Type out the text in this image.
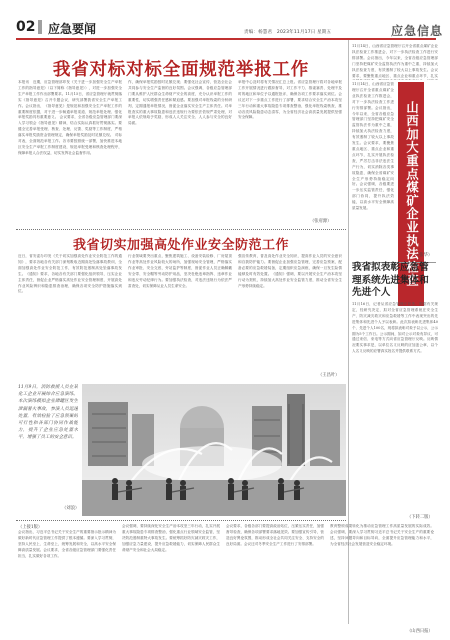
02 应急要闻	责编：杨慧君　2023年11月17日 星期五	应急信息
我省对标对标全面规范举报工作
本报讯　近期，应急管理部印发《关于进一步加强安全生产举报工作的指导意见》（以下简称《指导意见》），对进一步加强安全生产举报工作作出部署要求。11月15日，省应急管理厅就贯彻落实《指导意见》召开专题会议，研究部署我省安全生产举报工作。会议指出，《指导意见》是规范和加强安全生产举报工作的重要制度依据，对于进一步畅通举报渠道、规范举报处理、强化举报奖励具有重要意义。 会议要求，全省各级应急管理部门要深入学习领会《指导意见》精神，结合实际认真抓好贯彻落实。要健全完善举报受理、核查、处理、反馈、奖励等工作制度，严格落实举报奖励资金管理规定，确保举报奖励及时足额兑现。 对标对表，全面规范举报工作。各市要按照统一部署，加快推进本地区安全生产举报工作制度建设，规范举报受理和核查处理程序，保障举报人合法权益，切实发挥社会监督作用。
作，确保举报奖励按时足额兑现；要强化社会宣传，营造全社会共同参与安全生产监督的良好氛围。会议强调，各级应急管理部门要从维护人民群众生命财产安全的高度，充分认识举报工作的重要性，切实增强责任感和紧迫感。要加强对举报线索的分析研判，定期通报举报情况，督促企业落实安全生产主体责任。对举报查实的重大事故隐患和违法违规行为要依法依规严肃处理，对举报人依规给予奖励，形成人人关注安全、人人参与安全的良好局面。
举报中心及时将有关情况汇总上报。省应急管理厅将对各地举报工作开展情况进行跟踪督导，对工作不力、推诿塞责、处理不及时的地区和单位予以通报批评，确保各项工作要求落实到位。会议还对下一步重点工作进行了部署，要求结合安全生产治本攻坚三年行动和重大事故隐患专项排查整治，强化举报线索核查，推动各类风险隐患动态清零，为全省经济社会高质量发展提供坚强安全保障。
（张府源）	山西加大重点煤矿企业执法检查
11月14日，山西省应急管理厅召开全省重点煤矿企业执法检查工作推进会，对下一步执法检查工作进行安排部署。会议指出，今年以来，全省各级应急管理部门坚持把煤矿安全监管执法作为重中之重，持续加大执法检查力度，有效遏制了较大以上事故发生。会议要求，要聚焦重点地区、重点企业和重点环节，扎实
11月14日，山西省应急管理厅召开全省重点煤矿企业执法检查工作推进会，对下一步执法检查工作进行安排部署。会议指出，今年以来，全省各级应急管理部门坚持把煤矿安全监管执法作为重中之重，持续加大执法检查力度，有效遏制了较大以上事故发生。会议要求，要聚焦重点地区、重点企业和重点环节，扎实开展执法检查，严厉打击非法违法生产行为，切实消除各类事故隐患，确保全省煤矿安全生产形势持续稳定向好。会议强调，各级要进一步压实监管责任，强化部门协同，提升执法效能，以高水平安全保障高质量发展。
（张华）
我省切实加强高处作业安全防范工作
近日，省安委办印发《关于切实加强高处作业安全防范工作的通知》，要求各地各有关部门深刻吸取近期高处坠落事故教训，全面加强高处作业安全防范工作，有效防范遏制高处坠落事故发生。《通知》要求，各地各有关部门要强化组织领导，压实企业主体责任，督促企业严格落实高处作业安全管理制度，开展高处作业风险辨识和隐患排查治理，确保各项安全防护措施落实到位。
行业领域要突出重点，聚焦建筑施工、设备安装检修、厂房屋顶作业等高处作业风险较大的场所，加强现场安全管理，严格落实作业审批、安全交底、旁站监护等制度，督促作业人员正确佩戴安全带、安全帽等劳动防护用品，坚决杜绝违章指挥、违章作业和违反劳动纪律行为。要加强执法检查，对违法违规行为依法严肃查处，切实保障从业人员生命安全。
强宣传教育，普及高处作业安全知识，提高作业人员的安全意识和自我防护能力。要督促企业加强应急管理，完善应急预案，配备必要的应急救援装备，定期组织应急演练，确保一旦发生险情能够及时有效处置。《通知》强调，要以开展安全生产治本攻坚行动为契机，持续加大高处作业安全监管力度，推动全省安全生产形势持续稳定。
（王昌叶）
11月9日，消防救援人员在某化工企业开展综合应急演练。本次演练模拟企业储罐区发生泄漏着火事故，参演人员迅速处置，有效检验了应急预案的可行性和各部门协同作战能力，提升了企业应急处置水平，增强了员工的安全意识。
（刘浪）
我省拟表彰应急管理系统先进集体和先进个人
11月16日，记者从省应急管理厅获悉，根据有关规定，经研究决定，拟对全省应急管理系统在安全生产、防灾减灾救灾和应急救援等工作中表现突出的先进集体和先进个人予以表彰。此次拟表彰先进集体40个、先进个人100名，现将拟表彰对象予以公示，公示期为5个工作日。公示期间，如对公示对象有异议，可通过来信、来电等方式向省应急管理厅反映。反映情况要实事求是，以单位名义反映的应加盖公章，以个人名义反映的应署真实姓名并提供联系方式。
（下转二版）
（上接1版）
会议指出，习近平总书记关于安全生产的重要指示批示精神为做好新时代应急管理工作提供了根本遵循。要深入学习贯彻，坚持人民至上、生命至上，统筹发展和安全，以高水平安全保障高质量发展。会议要求，全省各级应急管理部门要强化责任担当，扎实做好各项工作。
会议强调，要持续深化安全生产治本攻坚三年行动，扎实开展重大事故隐患专项排查整治，强化重点行业领域安全监管，坚决防范遏制重特大事故发生。要统筹抓好防灾减灾救灾工作，加强应急力量建设，提升应急救援能力，切实保障人民群众生命财产安全和社会大局稳定。
会议要求，各级各部门要提高政治站位，压紧压实责任，加强督导检查，确保各项部署要求落地见效。要加强宣传引导，营造良好舆论氛围，推动形成全社会共同关注安全、支持安全的良好局面。会议还对冬季安全生产工作进行了安排部署。
教育整顿成果转化为推动应急管理工作高质量发展的实际成效。会议强调，要深入学习贯彻习近平总书记关于安全生产的重要论述，坚持问题导向和目标导向，全面提升应急管理能力和水平，为全省经济社会发展营造安全稳定环境。
（山西日报）
